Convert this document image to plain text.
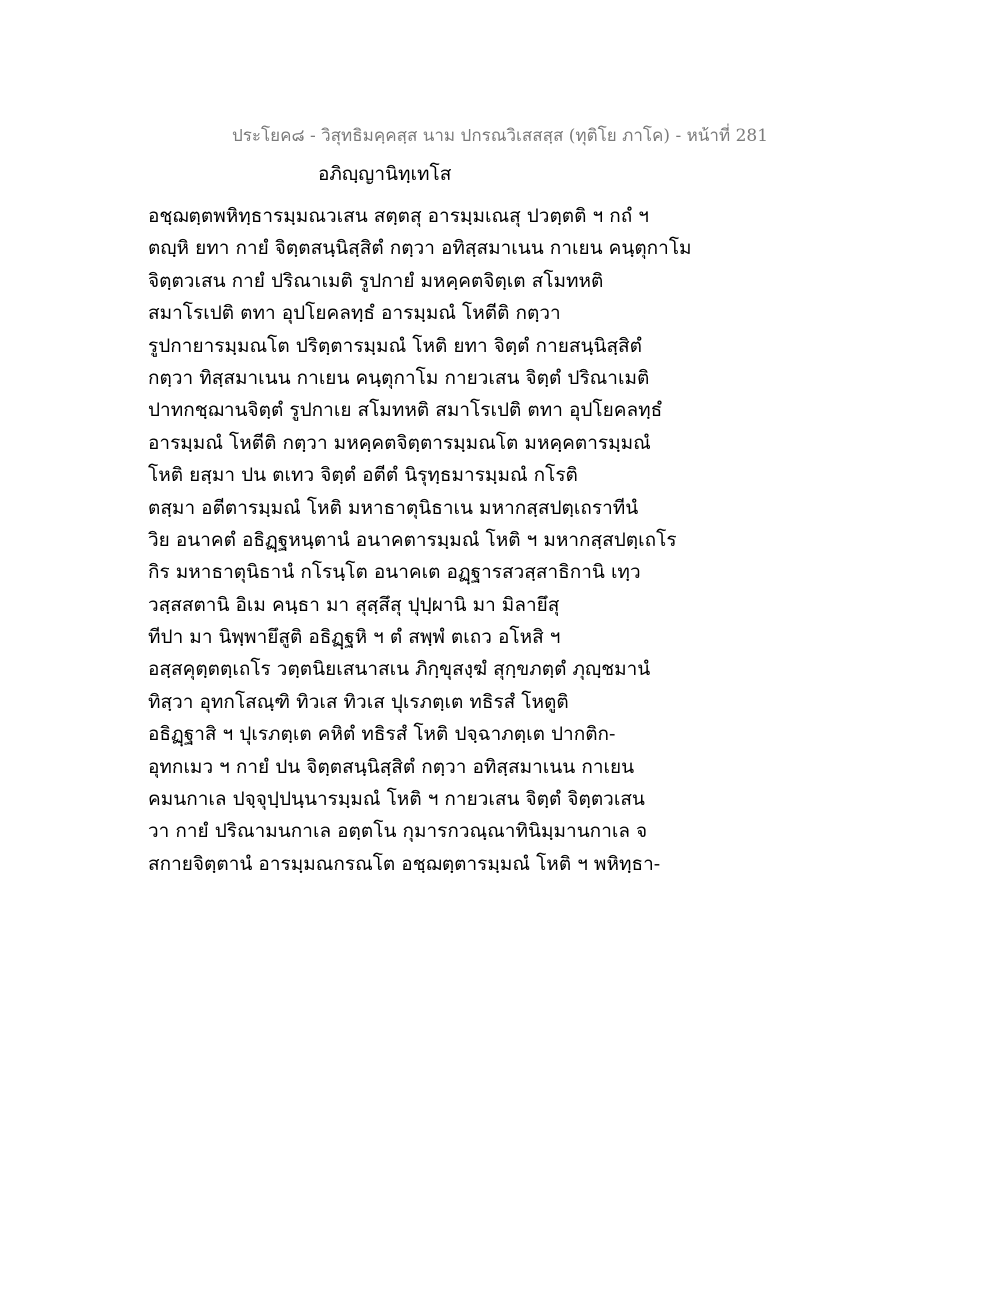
ประโยค๘ - วิสุทธิมคฺคสฺส นาม ปกรณวิเสสสฺส (ทุติโย ภาโค) - หน้าที่ 281
อภิญฺญานิทฺเทโส
อชฺฌตฺตพหิทฺธารมฺมณวเสน สตฺตสุ อารมฺมเณสุ ปวตฺตติ ฯ กถํ ฯ
ตญฺหิ ยทา กายํ จิตฺตสนฺนิสฺสิตํ กตฺวา อทิสฺสมาเนน กาเยน คนฺตุกาโม
จิตฺตวเสน กายํ ปริณาเมติ รูปกายํ มหคฺคตจิตฺเต สโมทหติ
สมาโรเปติ ตทา อุปโยคลทฺธํ อารมฺมณํ โหตีติ กตฺวา
รูปกายารมฺมณโต ปริตฺตารมฺมณํ โหติ ยทา จิตฺตํ กายสนฺนิสฺสิตํ
กตฺวา ทิสฺสมาเนน กาเยน คนฺตุกาโม กายวเสน จิตฺตํ ปริณาเมติ
ปาทกชฺฌานจิตฺตํ รูปกาเย สโมทหติ สมาโรเปติ ตทา อุปโยคลทฺธํ
อารมฺมณํ โหตีติ กตฺวา มหคฺคตจิตฺตารมฺมณโต มหคฺคตารมฺมณํ
โหติ ยสฺมา ปน ตเทว จิตฺตํ อตีตํ นิรุทฺธมารมฺมณํ กโรติ
ตสฺมา อตีตารมฺมณํ โหติ มหาธาตุนิธาเน มหากสฺสปตฺเถราทีนํ
วิย อนาคตํ อธิฏฺฐหนฺตานํ อนาคตารมฺมณํ โหติ ฯ มหากสฺสปตฺเถโร
กิร มหาธาตุนิธานํ กโรนฺโต อนาคเต อฏฺฐารสวสฺสาธิกานิ เทฺว
วสฺสสตานิ อิเม คนฺธา มา สุสฺสึสุ ปุปฺผานิ มา มิลายึสุ
ทีปา มา นิพฺพายึสูติ อธิฏฺฐหิ ฯ ตํ สพฺพํ ตเถว อโหสิ ฯ
อสฺสคุตฺตตฺเถโร วตฺตนิยเสนาสเน ภิกฺขุสงฺฆํ สุกฺขภตฺตํ ภุญฺชมานํ
ทิสฺวา อุทกโสณฺฑิ ทิวเส ทิวเส ปุเรภตฺเต ทธิรสํ โหตูติ
อธิฏฺฐาสิ ฯ ปุเรภตฺเต คหิตํ ทธิรสํ โหติ ปจฺฉาภตฺเต ปากติก-
อุทกเมว ฯ กายํ ปน จิตฺตสนฺนิสฺสิตํ กตฺวา อทิสฺสมาเนน กาเยน
คมนกาเล ปจฺจุปฺปนฺนารมฺมณํ โหติ ฯ กายวเสน จิตฺตํ จิตฺตวเสน
วา กายํ ปริณามนกาเล อตฺตโน กุมารกวณฺณาทินิมฺมานกาเล จ
สกายจิตฺตานํ อารมฺมณกรณโต อชฺฌตฺตารมฺมณํ โหติ ฯ พหิทฺธา-
